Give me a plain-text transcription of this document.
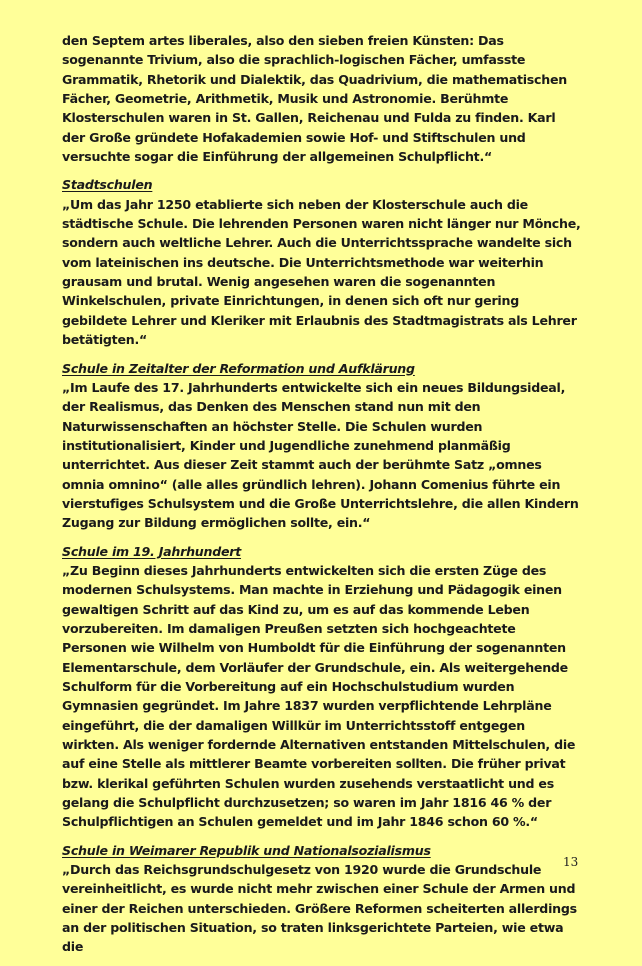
den Septem artes liberales, also den sieben freien Künsten: Das sogenannte Trivium, also die sprachlich-logischen Fächer, umfasste Grammatik, Rhetorik und Dialektik, das Quadrivium, die mathematischen Fächer, Geometrie, Arithmetik, Musik und Astronomie. Berühmte Klosterschulen waren in St. Gallen, Reichenau und Fulda zu finden. Karl der Große gründete Hofakademien sowie Hof- und Stiftschulen und versuchte sogar die Einführung der allgemeinen Schulpflicht.“
Stadtschulen
„Um das Jahr 1250 etablierte sich neben der Klosterschule auch die städtische Schule. Die lehrenden Personen waren nicht länger nur Mönche, sondern auch weltliche Lehrer. Auch die Unterrichtssprache wandelte sich vom lateinischen ins deutsche. Die Unterrichtsmethode war weiterhin grausam und brutal. Wenig angesehen waren die sogenannten Winkelschulen, private Einrichtungen, in denen sich oft nur gering gebildete Lehrer und Kleriker mit Erlaubnis des Stadtmagistrats als Lehrer betätigten.“
Schule in Zeitalter der Reformation und Aufklärung
„Im Laufe des 17. Jahrhunderts entwickelte sich ein neues Bildungsideal, der Realismus, das Denken des Menschen stand nun mit den Naturwissenschaften an höchster Stelle. Die Schulen wurden institutionalisiert, Kinder und Jugendliche zunehmend planmäßig unterrichtet. Aus dieser Zeit stammt auch der berühmte Satz „omnes omnia omnino“ (alle alles gründlich lehren). Johann Comenius führte ein vierstufiges Schulsystem und die Große Unterrichtslehre, die allen Kindern Zugang zur Bildung ermöglichen sollte, ein.“
Schule im 19. Jahrhundert
„Zu Beginn dieses Jahrhunderts entwickelten sich die ersten Züge des modernen Schulsystems. Man machte in Erziehung und Pädagogik einen gewaltigen Schritt auf das Kind zu, um es auf das kommende Leben vorzubereiten. Im damaligen Preußen setzten sich hochgeachtete Personen wie Wilhelm von Humboldt für die Einführung der sogenannten Elementarschule, dem Vorläufer der Grundschule, ein. Als weitergehende Schulform für die Vorbereitung auf ein Hochschulstudium wurden Gymnasien gegründet. Im Jahre 1837 wurden verpflichtende Lehrpläne eingeführt, die der damaligen Willkür im Unterrichtsstoff entgegen wirkten. Als weniger fordernde Alternativen entstanden Mittelschulen, die auf eine Stelle als mittlerer Beamte vorbereiten sollten. Die früher privat bzw. klerikal geführten Schulen wurden zusehends verstaatlicht und es gelang die Schulpflicht durchzusetzen; so waren im Jahr 1816 46 % der Schulpflichtigen an Schulen gemeldet und im Jahr 1846 schon 60 %.“
Schule in Weimarer Republik und Nationalsozialismus
„Durch das Reichsgrundschulgesetz von 1920 wurde die Grundschule vereinheitlicht, es wurde nicht mehr zwischen einer Schule der Armen und einer der Reichen unterschieden. Größere Reformen scheiterten allerdings an der politischen Situation, so traten linksgerichtete Parteien, wie etwa die
13
